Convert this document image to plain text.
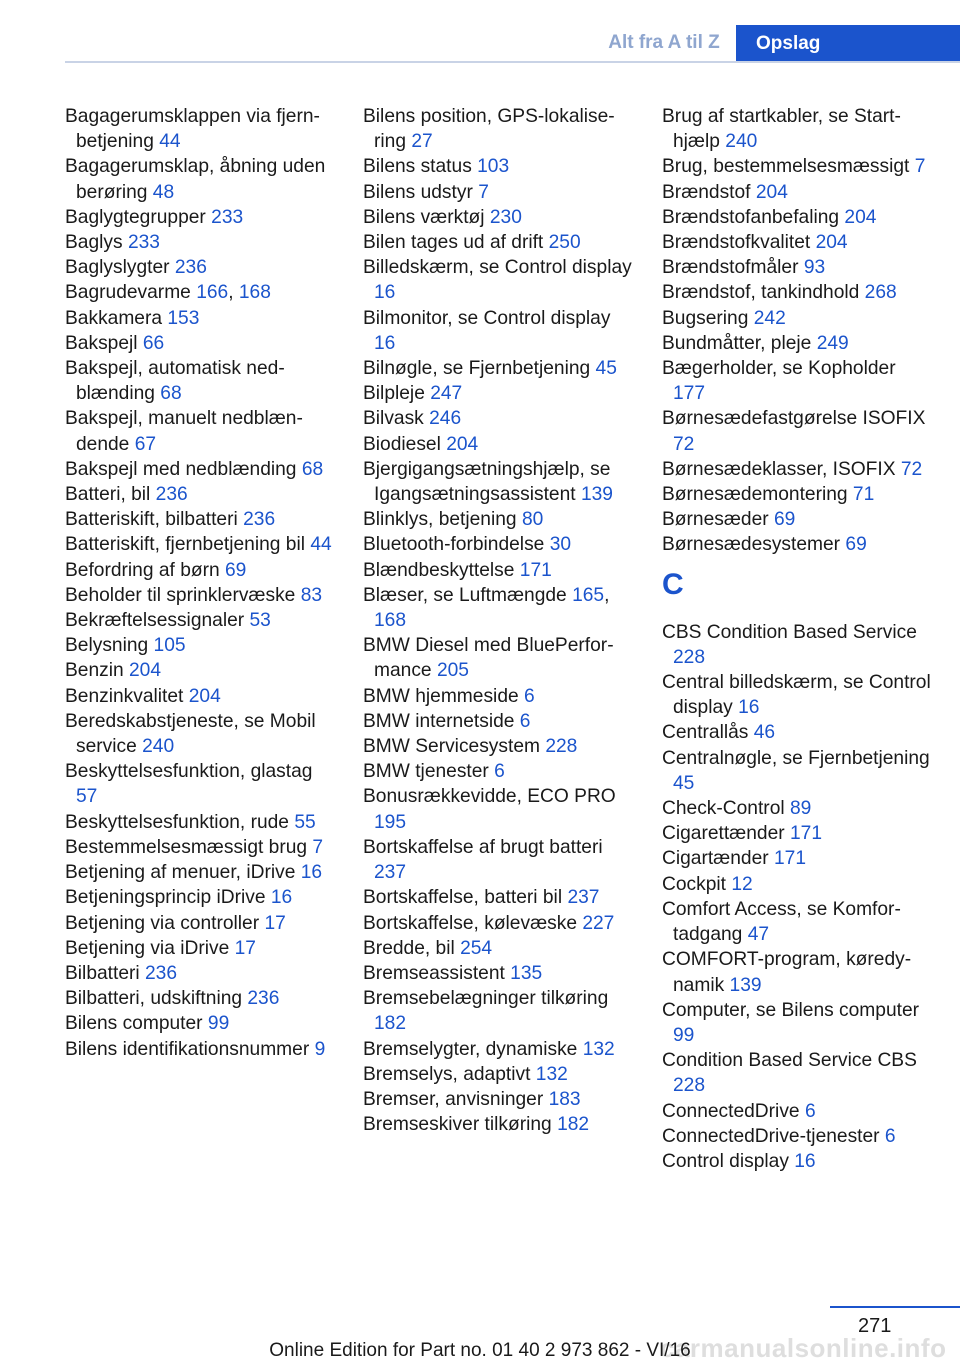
Alt fra A til Z	Opslag
Bagagerumsklappen via fjernbetjening 44
Bagagerumsklap, åbning uden berøring 48
Baglygtegrupper 233
Baglys 233
Baglyslygter 236
Bagrudevarme 166, 168
Bakkamera 153
Bakspejl 66
Bakspejl, automatisk nedblænding 68
Bakspejl, manuelt nedblændende 67
Bakspejl med nedblænding 68
Batteri, bil 236
Batteriskift, bilbatteri 236
Batteriskift, fjernbetjening bil 44
Befordring af børn 69
Beholder til sprinklervæske 83
Bekræftelsessignaler 53
Belysning 105
Benzin 204
Benzinkvalitet 204
Beredskabstjeneste, se Mobil service 240
Beskyttelsesfunktion, glastag 57
Beskyttelsesfunktion, rude 55
Bestemmelsesmæssigt brug 7
Betjening af menuer, iDrive 16
Betjeningsprincip iDrive 16
Betjening via controller 17
Betjening via iDrive 17
Bilbatteri 236
Bilbatteri, udskiftning 236
Bilens computer 99
Bilens identifikationsnummer 9
Bilens position, GPS-lokalisering 27
Bilens status 103
Bilens udstyr 7
Bilens værktøj 230
Bilen tages ud af drift 250
Billedskærm, se Control display 16
Bilmonitor, se Control display 16
Bilnøgle, se Fjernbetjening 45
Bilpleje 247
Bilvask 246
Biodiesel 204
Bjergigangsætningshjælp, se Igangsætningsassistent 139
Blinklys, betjening 80
Bluetooth-forbindelse 30
Blændbeskyttelse 171
Blæser, se Luftmængde 165, 168
BMW Diesel med BluePerformance 205
BMW hjemmeside 6
BMW internetside 6
BMW Servicesystem 228
BMW tjenester 6
Bonusrækkevidde, ECO PRO 195
Bortskaffelse af brugt batteri 237
Bortskaffelse, batteri bil 237
Bortskaffelse, kølevæske 227
Bredde, bil 254
Bremseassistent 135
Bremsebelægninger tilkøring 182
Bremselygter, dynamiske 132
Bremselys, adaptivt 132
Bremser, anvisninger 183
Bremseskiver tilkøring 182
Brug af startkabler, se Starthjælp 240
Brug, bestemmelsesmæssigt 7
Brændstof 204
Brændstofanbefaling 204
Brændstofkvalitet 204
Brændstofmåler 93
Brændstof, tankindhold 268
Bugsering 242
Bundmåtter, pleje 249
Bægerholder, se Kopholder 177
Børnesædefastgørelse ISOFIX 72
Børnesædeklasser, ISOFIX 72
Børnesædemontering 71
Børnesæder 69
Børnesædesystemer 69
C
CBS Condition Based Service 228
Central billedskærm, se Control display 16
Centrallås 46
Centralnøgle, se Fjernbetjening 45
Check-Control 89
Cigarettænder 171
Cigartænder 171
Cockpit 12
Comfort Access, se Komfortadgang 47
COMFORT-program, køredynamik 139
Computer, se Bilens computer 99
Condition Based Service CBS 228
ConnectedDrive 6
ConnectedDrive-tjenester 6
Control display 16
271
carmanualsonline.info
Online Edition for Part no. 01 40 2 973 862 - VI/16
